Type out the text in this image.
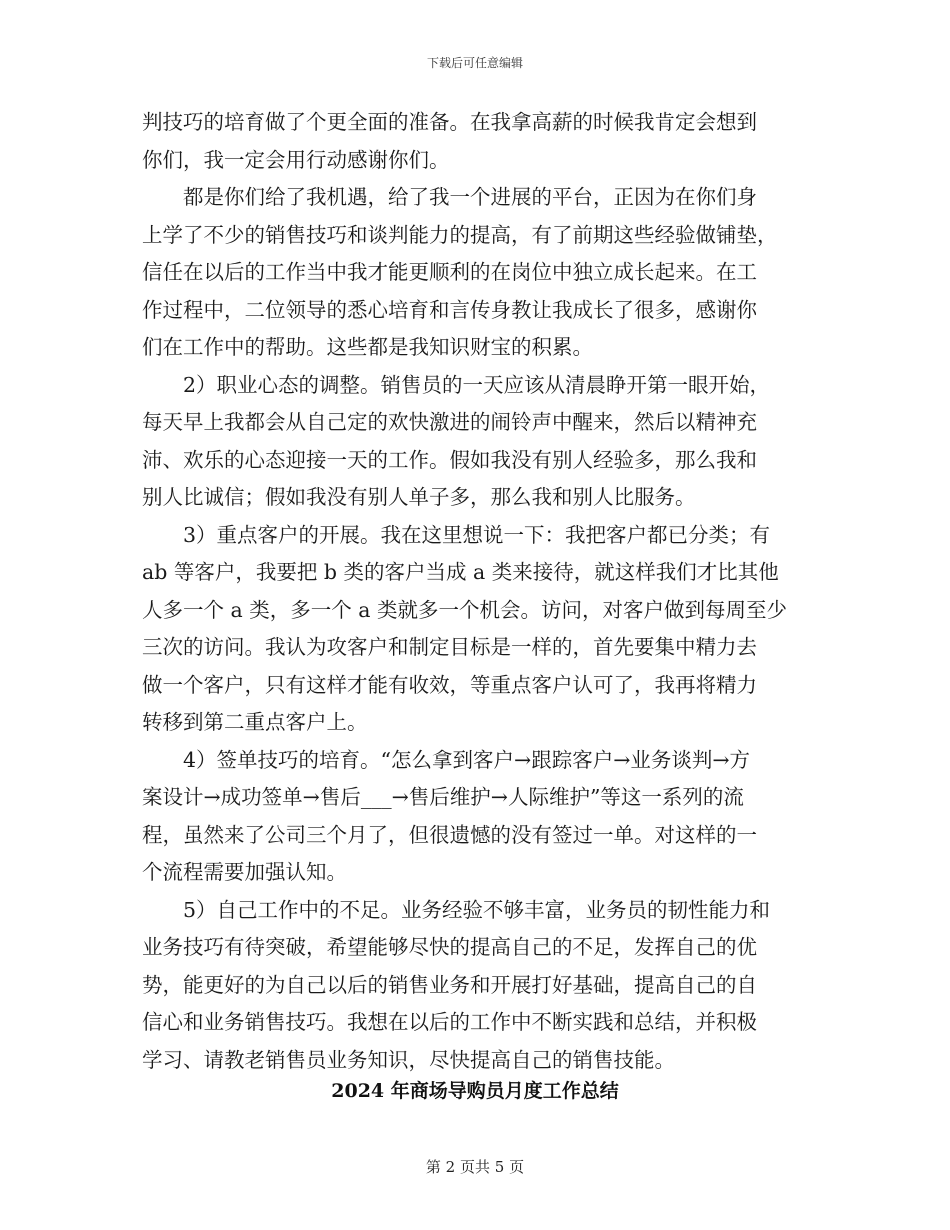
下载后可任意编辑
判技巧的培育做了个更全面的准备。在我拿高薪的时候我肯定会想到
你们，我一定会用行动感谢你们。
都是你们给了我机遇，给了我一个进展的平台，正因为在你们身
上学了不少的销售技巧和谈判能力的提高，有了前期这些经验做铺垫，
信任在以后的工作当中我才能更顺利的在岗位中独立成长起来。在工
作过程中，二位领导的悉心培育和言传身教让我成长了很多，感谢你
们在工作中的帮助。这些都是我知识财宝的积累。
2）职业心态的调整。销售员的一天应该从清晨睁开第一眼开始，
每天早上我都会从自己定的欢快激进的闹铃声中醒来，然后以精神充
沛、欢乐的心态迎接一天的工作。假如我没有别人经验多，那么我和
别人比诚信；假如我没有别人单子多，那么我和别人比服务。
3）重点客户的开展。我在这里想说一下：我把客户都已分类；有
ab 等客户，我要把 b 类的客户当成 a 类来接待，就这样我们才比其他
人多一个 a 类，多一个 a 类就多一个机会。访问，对客户做到每周至少
三次的访问。我认为攻客户和制定目标是一样的，首先要集中精力去
做一个客户，只有这样才能有收效，等重点客户认可了，我再将精力
转移到第二重点客户上。
4）签单技巧的培育。“怎么拿到客户→跟踪客户→业务谈判→方
案设计→成功签单→售后___→售后维护→人际维护”等这一系列的流
程，虽然来了公司三个月了，但很遗憾的没有签过一单。对这样的一
个流程需要加强认知。
5）自己工作中的不足。业务经验不够丰富，业务员的韧性能力和
业务技巧有待突破，希望能够尽快的提高自己的不足，发挥自己的优
势，能更好的为自己以后的销售业务和开展打好基础，提高自己的自
信心和业务销售技巧。我想在以后的工作中不断实践和总结，并积极
学习、请教老销售员业务知识，尽快提高自己的销售技能。
2024 年商场导购员月度工作总结
第 2 页共 5 页
